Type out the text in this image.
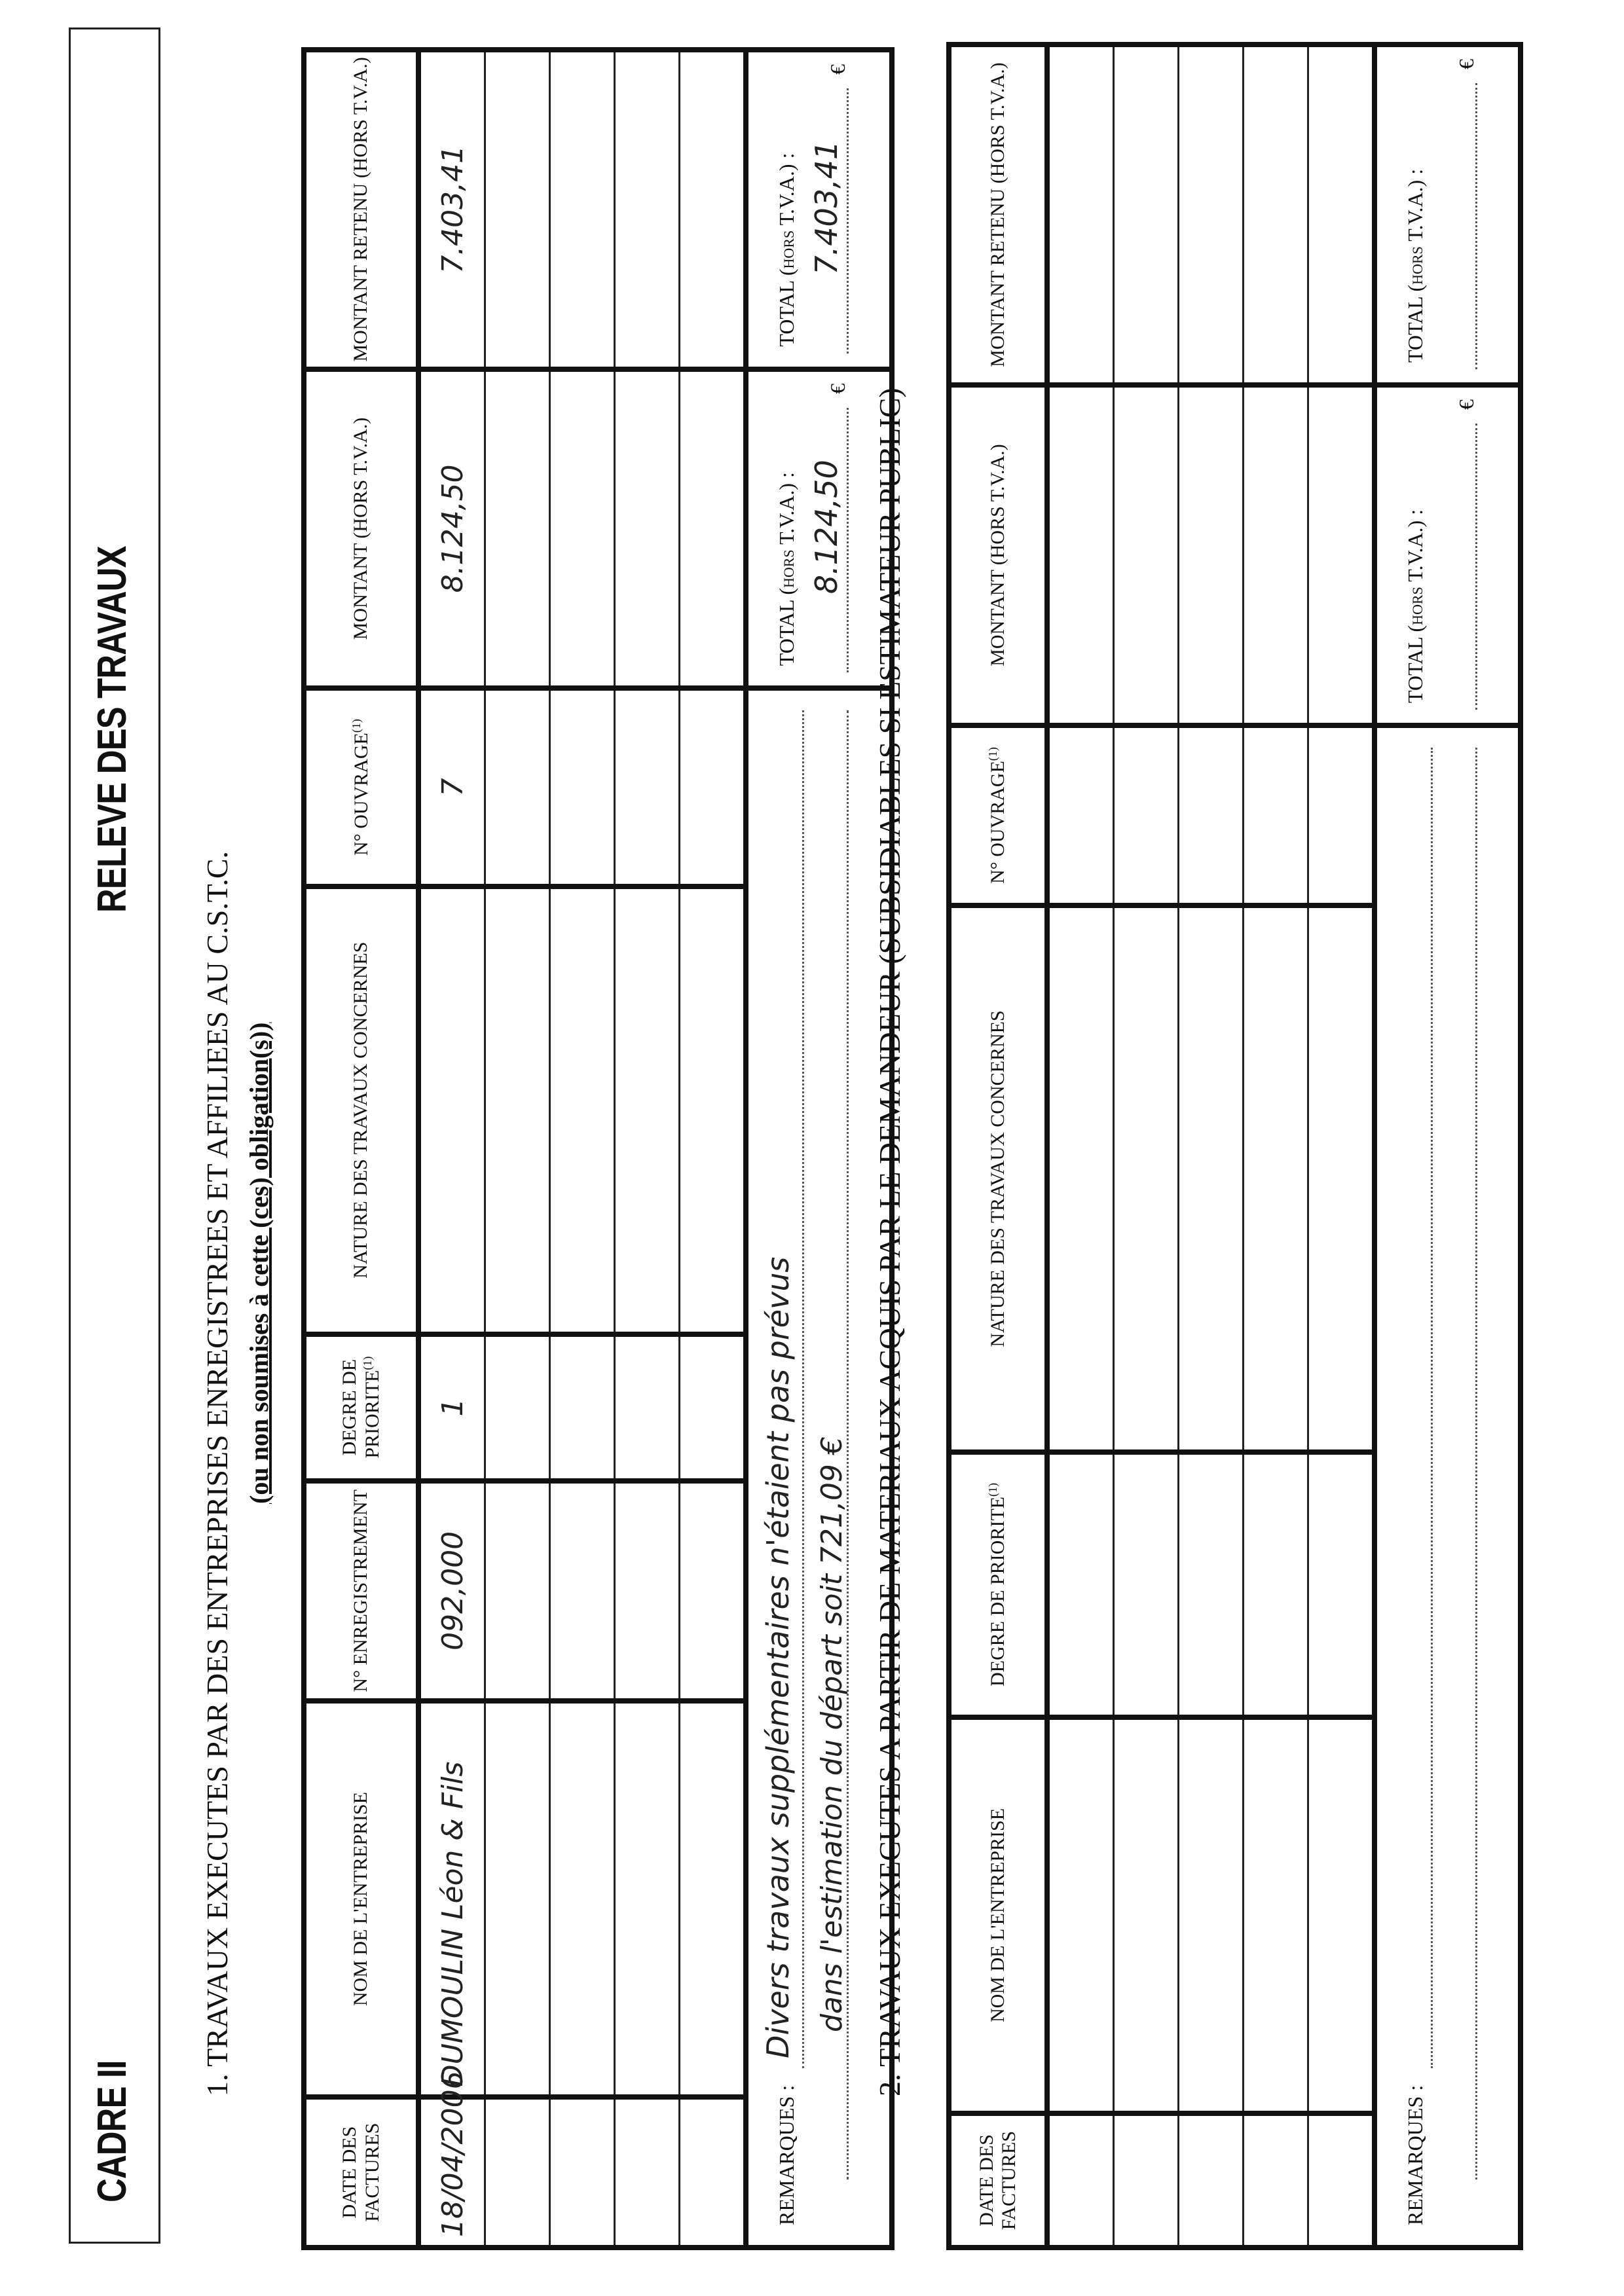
CADRE II
RELEVE DES TRAVAUX
1. TRAVAUX EXECUTES PAR DES ENTREPRISES ENREGISTREES ET AFFILIEES AU C.S.T.C. (ou non soumises à cette (ces) obligation(s))
DATE DES FACTURES	NOM DE L'ENTREPRISE	N° ENREGISTREMENT	DEGRE DE PRIORITE$^{(1)}$	NATURE DES TRAVAUX CONCERNES	N° OUVRAGE$^{(1)}$	MONTANT (HORS T.V.A.)	MONTANT RETENU (HORS T.V.A.)
18/04/2006	DUMOULIN Léon & Fils	092,000	1		7	8.124,50	7.403,41

REMARQUES :
Divers travaux supplémentaires n'étaient pas prévus dans l'estimation du départ soit 721,09 €						TOTAL (hors T.V.A.) : 8.124,50
€	TOTAL (hors T.V.A.) : 7.403,41
€
2. TRAVAUX EXECUTES A PARTIR DE MATERIAUX ACQUIS PAR LE DEMANDEUR (SUBSIDIABLES SI ESTIMATEUR PUBLIC)
DATE DES FACTURES	NOM DE L'ENTREPRISE	DEGRE DE PRIORITE$^{(1)}$	NATURE DES TRAVAUX CONCERNES	N° OUVRAGE$^{(1)}$	MONTANT (HORS T.V.A.)	MONTANT RETENU (HORS T.V.A.)

REMARQUES :					TOTAL (hors T.V.A.) :
€	TOTAL (hors T.V.A.) :
€
